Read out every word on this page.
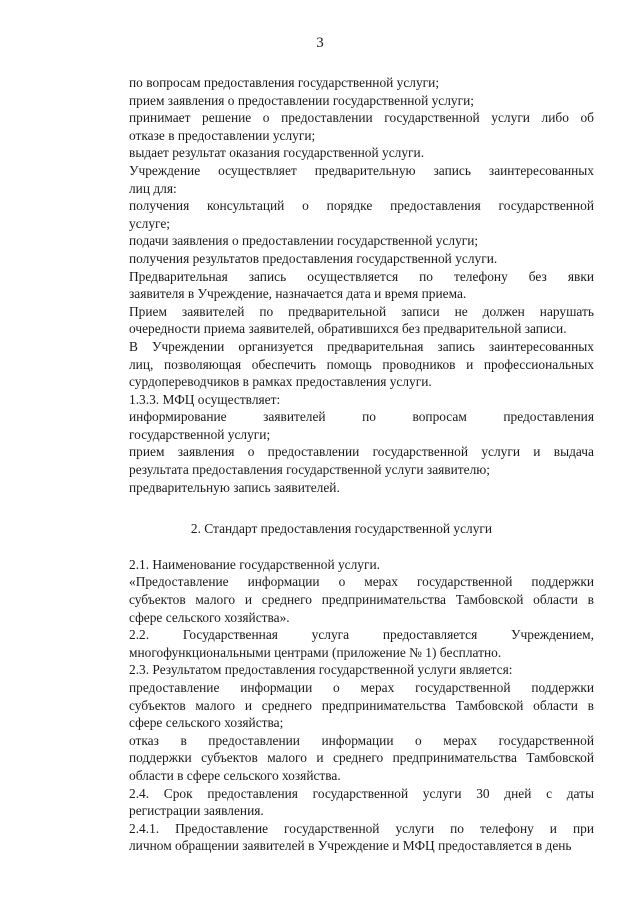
3
по вопросам предоставления государственной услуги;
прием заявления о предоставлении государственной услуги;
принимает решение о предоставлении государственной услуги либо об
отказе в предоставлении услуги;
выдает результат оказания государственной услуги.
Учреждение осуществляет предварительную запись заинтересованных
лиц для:
получения консультаций о порядке предоставления государственной
услуге;
подачи заявления о предоставлении государственной услуги;
получения результатов предоставления государственной услуги.
Предварительная запись осуществляется по телефону без явки
заявителя в Учреждение, назначается дата и время приема.
Прием заявителей по предварительной записи не должен нарушать
очередности приема заявителей, обратившихся без предварительной записи.
В Учреждении организуется предварительная запись заинтересованных
лиц, позволяющая обеспечить помощь проводников и профессиональных
сурдопереводчиков в рамках предоставления услуги.
1.3.3. МФЦ осуществляет:
информирование заявителей по вопросам предоставления
государственной услуги;
прием заявления о предоставлении государственной услуги и выдача
результата предоставления государственной услуги заявителю;
предварительную запись заявителей.
2. Стандарт предоставления государственной услуги
2.1. Наименование государственной услуги.
«Предоставление информации о мерах государственной поддержки
субъектов малого и среднего предпринимательства Тамбовской области в
сфере сельского хозяйства».
2.2. Государственная услуга предоставляется Учреждением,
многофункциональными центрами (приложение № 1) бесплатно.
2.3. Результатом предоставления государственной услуги является:
предоставление информации о мерах государственной поддержки
субъектов малого и среднего предпринимательства Тамбовской области в
сфере сельского хозяйства;
отказ в предоставлении информации о мерах государственной
поддержки субъектов малого и среднего предпринимательства Тамбовской
области в сфере сельского хозяйства.
2.4. Срок предоставления государственной услуги 30 дней с даты
регистрации заявления.
2.4.1. Предоставление государственной услуги по телефону и при
личном обращении заявителей в Учреждение и МФЦ предоставляется в день
